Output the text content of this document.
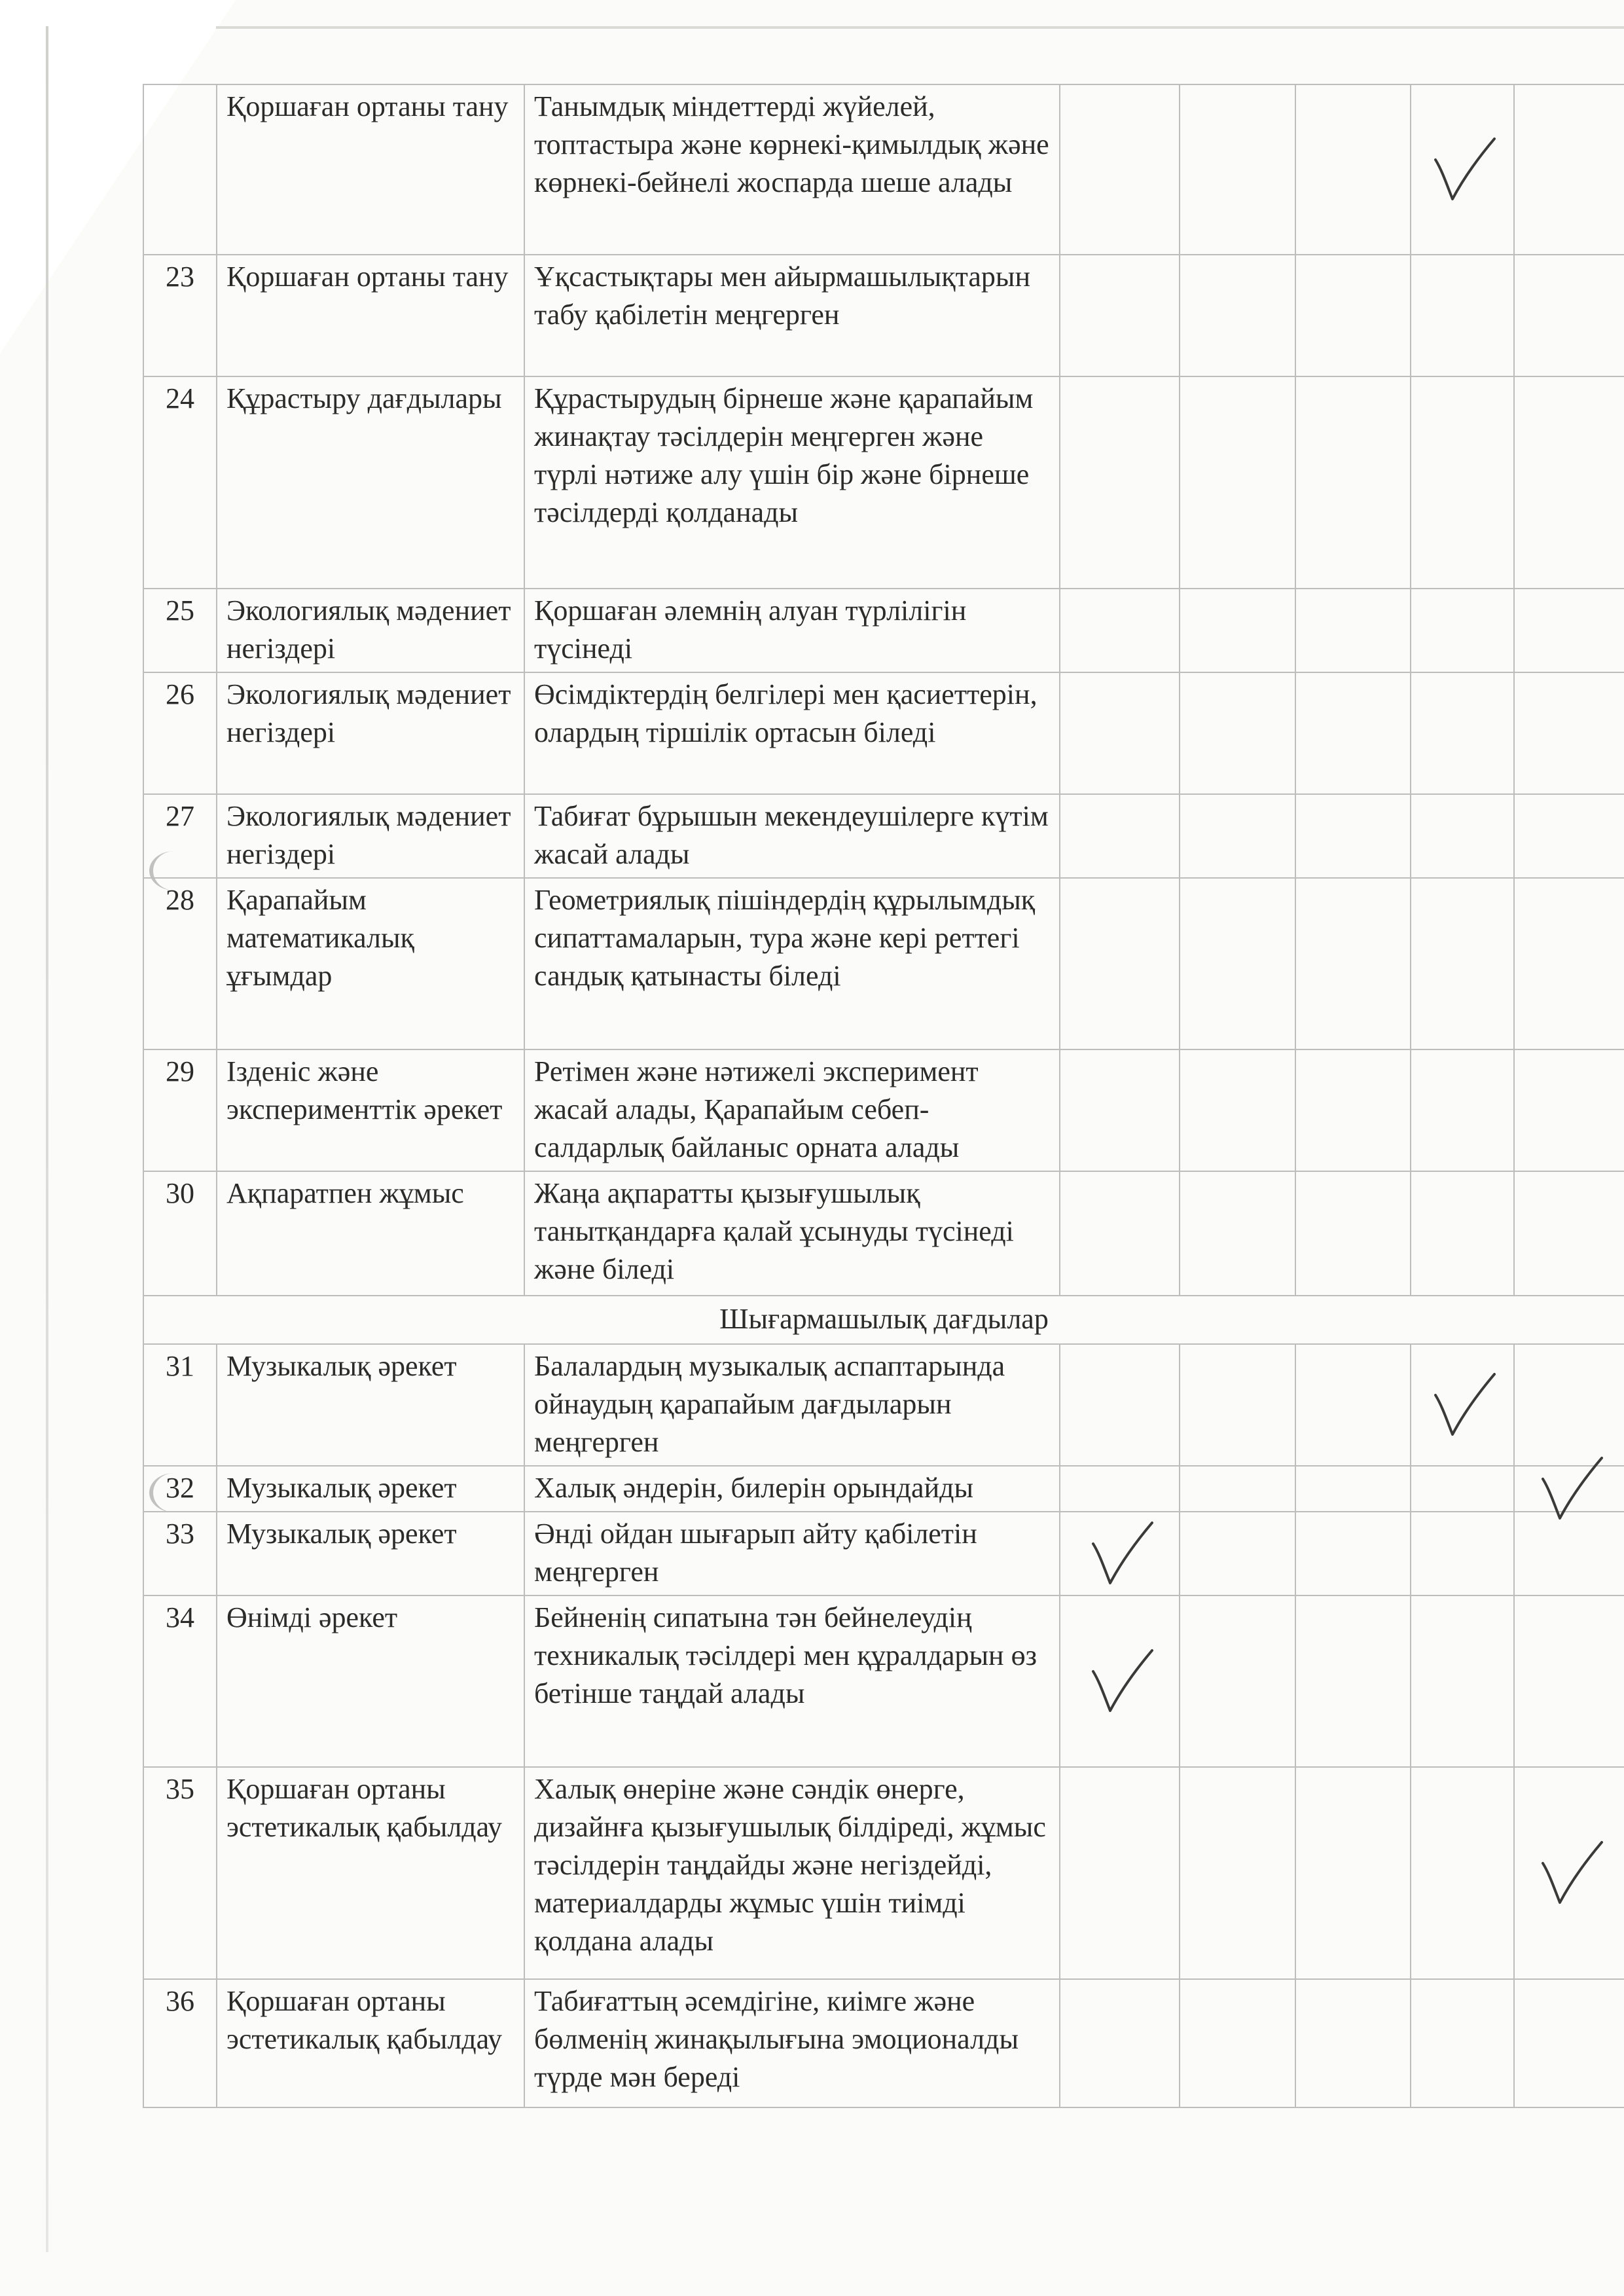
	Қоршаған ортаны тану	Танымдық міндеттерді жүйелей, топтастыра және көрнекі-қимылдық және көрнекі-бейнелі жоспарда шеше алады				

23	Қоршаған ортаны тану	Ұқсастықтары мен айырмашылықтарын табу қабілетін меңгерген					
24	Құрастыру дағдылары	Құрастырудың бірнеше және қарапайым жинақтау тәсілдерін меңгерген және түрлі нәтиже алу үшін бір және бірнеше тәсілдерді қолданады					
25	Экологиялық мәдениет негіздері	Қоршаған әлемнің алуан түрлілігін түсінеді					
26	Экологиялық мәдениет негіздері	Өсімдіктердің белгілері мен қасиеттерін, олардың тіршілік ортасын біледі					
27	Экологиялық мәдениет негіздері	Табиғат бұрышын мекендеушілерге күтім жасай алады					
28	Қарапайым математикалық ұғымдар	Геометриялық пішіндердің құрылымдық сипаттамаларын, тура және кері реттегі сандық қатынасты біледі					
29	Ізденіс және эксперименттік әрекет	Ретімен және нәтижелі эксперимент жасай алады, Қарапайым себеп-салдарлық байланыс орната алады					
30	Ақпаратпен жұмыс	Жаңа ақпаратты қызығушылық танытқандарға қалай ұсынуды түсінеді және біледі					
Шығармашылық дағдылар							
31	Музыкалық әрекет	Балалардың музыкалық аспаптарында ойнаудың қарапайым дағдыларын меңгерген				

32	Музыкалық әрекет	Халық әндерін, билерін орындайды					

33	Музыкалық әрекет	Әнді ойдан шығарып айту қабілетін меңгерген	

34	Өнімді әрекет	Бейненің сипатына тән бейнелеудің техникалық тәсілдері мен құралдарын өз бетінше таңдай алады	

35	Қоршаған ортаны эстетикалық қабылдау	Халық өнеріне және сәндік өнерге, дизайнға қызығушылық білдіреді, жұмыс тәсілдерін таңдайды және негіздейді, материалдарды жұмыс үшін тиімді қолдана алады					

36	Қоршаған ортаны эстетикалық қабылдау	Табиғаттың әсемдігіне, киімге және бөлменің жинақылығына эмоционалды түрде мән береді					
